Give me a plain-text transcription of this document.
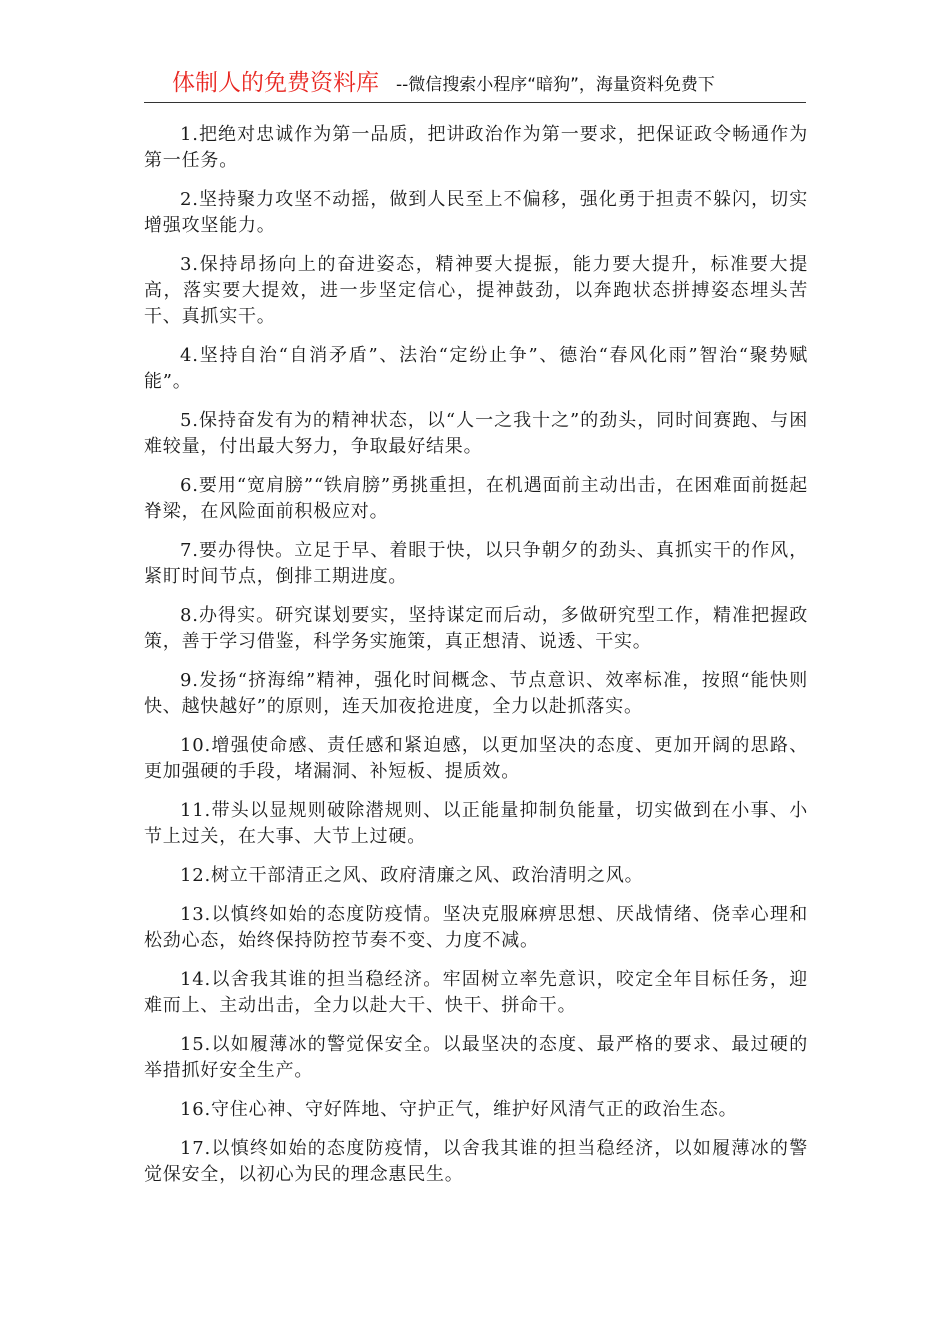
体制人的免费资料库 --微信搜索小程序“暗狗”，海量资料免费下

1.把绝对忠诚作为第一品质，把讲政治作为第一要求，把保证政令畅通作为第一任务。

2.坚持聚力攻坚不动摇，做到人民至上不偏移，强化勇于担责不躲闪，切实增强攻坚能力。

3.保持昂扬向上的奋进姿态，精神要大提振，能力要大提升，标准要大提高，落实要大提效，进一步坚定信心，提神鼓劲，以奔跑状态拼搏姿态埋头苦干、真抓实干。

4.坚持自治“自消矛盾”、法治“定纷止争”、德治“春风化雨”智治“聚势赋能”。

5.保持奋发有为的精神状态，以“人一之我十之”的劲头，同时间赛跑、与困难较量，付出最大努力，争取最好结果。

6.要用“宽肩膀”“铁肩膀”勇挑重担，在机遇面前主动出击，在困难面前挺起脊梁，在风险面前积极应对。

7.要办得快。立足于早、着眼于快，以只争朝夕的劲头、真抓实干的作风，紧盯时间节点，倒排工期进度。

8.办得实。研究谋划要实，坚持谋定而后动，多做研究型工作，精准把握政策，善于学习借鉴，科学务实施策，真正想清、说透、干实。

9.发扬“挤海绵”精神，强化时间概念、节点意识、效率标准，按照“能快则快、越快越好”的原则，连天加夜抢进度，全力以赴抓落实。

10.增强使命感、责任感和紧迫感，以更加坚决的态度、更加开阔的思路、更加强硬的手段，堵漏洞、补短板、提质效。

11.带头以显规则破除潜规则、以正能量抑制负能量，切实做到在小事、小节上过关，在大事、大节上过硬。

12.树立干部清正之风、政府清廉之风、政治清明之风。

13.以慎终如始的态度防疫情。坚决克服麻痹思想、厌战情绪、侥幸心理和松劲心态，始终保持防控节奏不变、力度不减。

14.以舍我其谁的担当稳经济。牢固树立率先意识，咬定全年目标任务，迎难而上、主动出击，全力以赴大干、快干、拼命干。

15.以如履薄冰的警觉保安全。以最坚决的态度、最严格的要求、最过硬的举措抓好安全生产。

16.守住心神、守好阵地、守护正气，维护好风清气正的政治生态。

17.以慎终如始的态度防疫情，以舍我其谁的担当稳经济，以如履薄冰的警觉保安全，以初心为民的理念惠民生。
